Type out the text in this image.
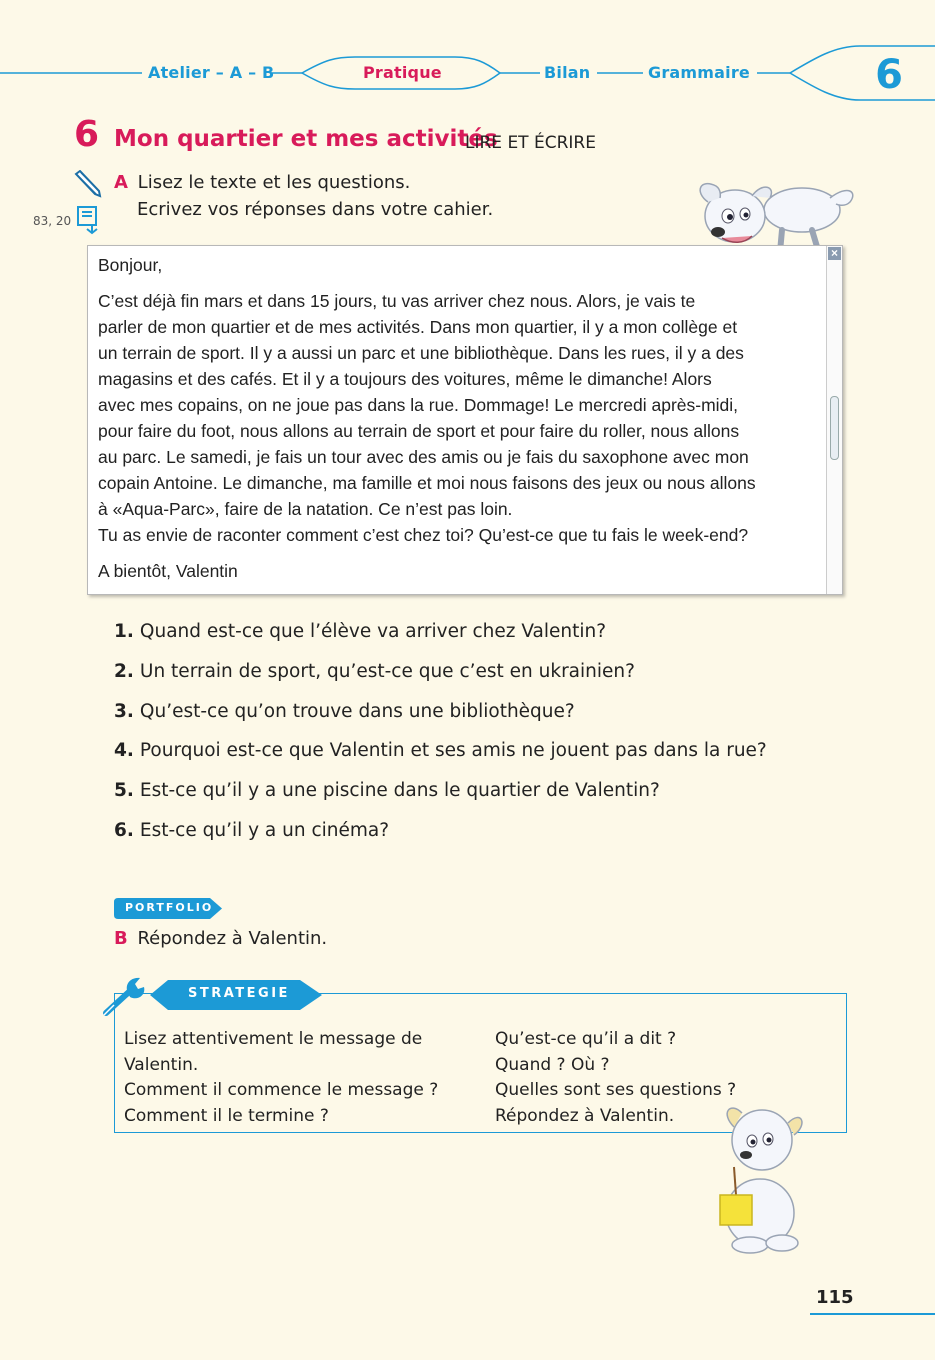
Atelier – A – B	Pratique	Bilan	Grammaire	6
6 Mon quartier et mes activités
LIRE ET ÉCRIRE
83, 20
A Lisez le texte et les questions.
Ecrivez vos réponses dans votre cahier.

Bonjour,

C’est déjà fin mars et dans 15 jours, tu vas arriver chez nous. Alors, je vais te

parler de mon quartier et de mes activités. Dans mon quartier, il y a mon collège et

un terrain de sport. Il y a aussi un parc et une bibliothèque. Dans les rues, il y a des

magasins et des cafés. Et il y a toujours des voitures, même le dimanche! Alors

avec mes copains, on ne joue pas dans la rue. Dommage! Le mercredi après-midi,

pour faire du foot, nous allons au terrain de sport et pour faire du roller, nous allons

au parc. Le samedi, je fais un tour avec des amis ou je fais du saxophone avec mon

copain Antoine. Le dimanche, ma famille et moi nous faisons des jeux ou nous allons

à «Aqua-Parc», faire de la natation. Ce n’est pas loin.

Tu as envie de raconter comment c’est chez toi? Qu’est-ce que tu fais le week-end?

A bientôt, Valentin

×
1. Quand est-ce que l’élève va arriver chez Valentin?
2. Un terrain de sport, qu’est-ce que c’est en ukrainien?
3. Qu’est-ce qu’on trouve dans une bibliothèque?
4. Pourquoi est-ce que Valentin et ses amis ne jouent pas dans la rue?
5. Est-ce qu’il y a une piscine dans le quartier de Valentin?
6. Est-ce qu’il y a un cinéma?
PORTFOLIO
B Répondez à Valentin.
STRATEGIE

Lisez attentivement le message de

Valentin.

Comment il commence le message ?

Comment il le termine ?

Qu’est-ce qu’il a dit ?

Quand ? Où ?

Quelles sont ses questions ?

Répondez à Valentin.

115
